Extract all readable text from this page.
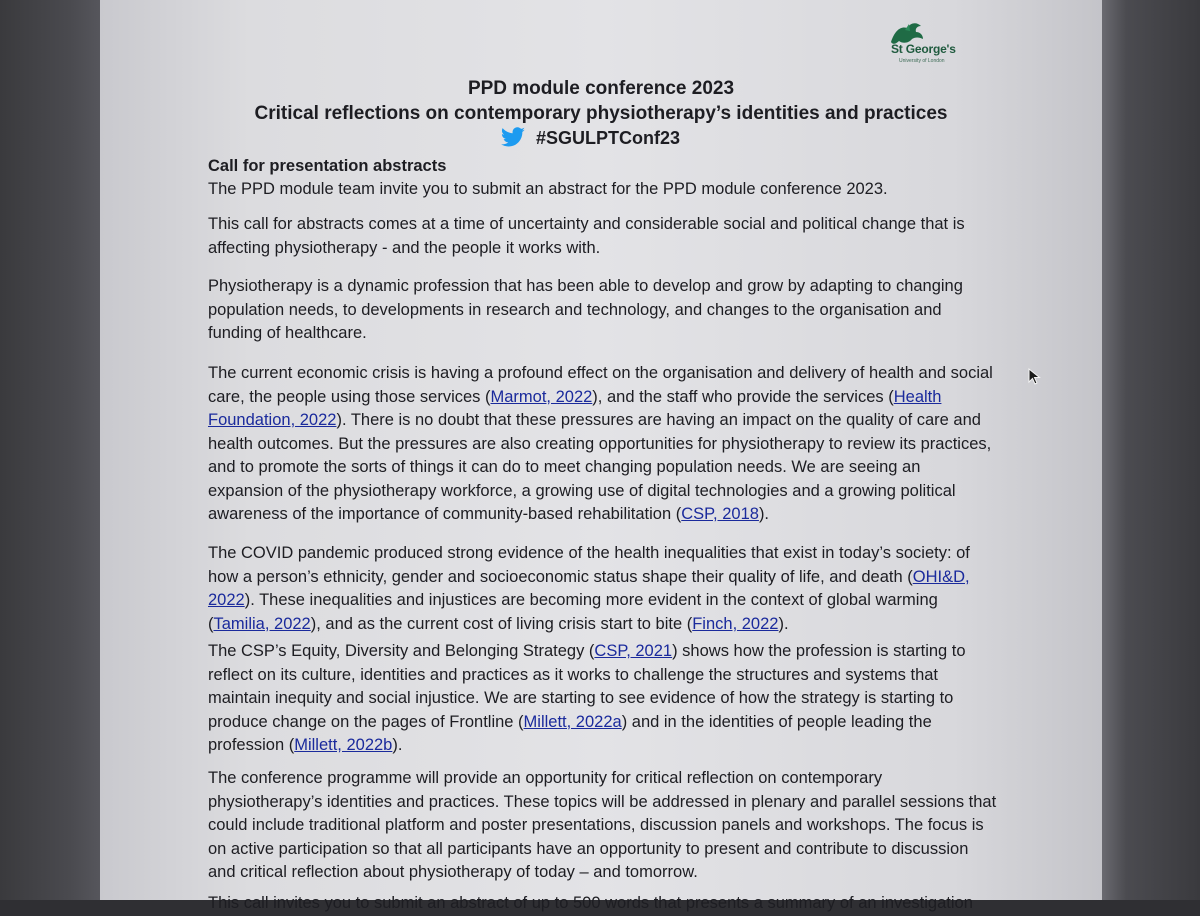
St George's
University of London
PPD module conference 2023
Critical reflections on contemporary physiotherapy’s identities and practices
#SGULPTConf23
Call for presentation abstracts

The PPD module team invite you to submit an abstract for the PPD module conference 2023.

This call for abstracts comes at a time of uncertainty and considerable social and political change that is affecting physiotherapy - and the people it works with.

Physiotherapy is a dynamic profession that has been able to develop and grow by adapting to changing population needs, to developments in research and technology, and changes to the organisation and funding of healthcare.

The current economic crisis is having a profound effect on the organisation and delivery of health and social care, the people using those services (Marmot, 2022), and the staff who provide the services (Health Foundation, 2022). There is no doubt that these pressures are having an impact on the quality of care and health outcomes. But the pressures are also creating opportunities for physiotherapy to review its practices, and to promote the sorts of things it can do to meet changing population needs. We are seeing an expansion of the physiotherapy workforce, a growing use of digital technologies and a growing political awareness of the importance of community-based rehabilitation (CSP, 2018).

The COVID pandemic produced strong evidence of the health inequalities that exist in today’s society: of how a person’s ethnicity, gender and socioeconomic status shape their quality of life, and death (OHI&D, 2022). These inequalities and injustices are becoming more evident in the context of global warming (Tamilia, 2022), and as the current cost of living crisis start to bite (Finch, 2022).

The CSP’s Equity, Diversity and Belonging Strategy (CSP, 2021) shows how the profession is starting to reflect on its culture, identities and practices as it works to challenge the structures and systems that maintain inequity and social injustice. We are starting to see evidence of how the strategy is starting to produce change on the pages of Frontline (Millett, 2022a) and in the identities of people leading the profession (Millett, 2022b).

The conference programme will provide an opportunity for critical reflection on contemporary physiotherapy’s identities and practices. These topics will be addressed in plenary and parallel sessions that could include traditional platform and poster presentations, discussion panels and workshops. The focus is on active participation so that all participants have an opportunity to present and contribute to discussion and critical reflection about physiotherapy of today – and tomorrow.

This call invites you to submit an abstract of up to 500 words that presents a summary of an investigation
